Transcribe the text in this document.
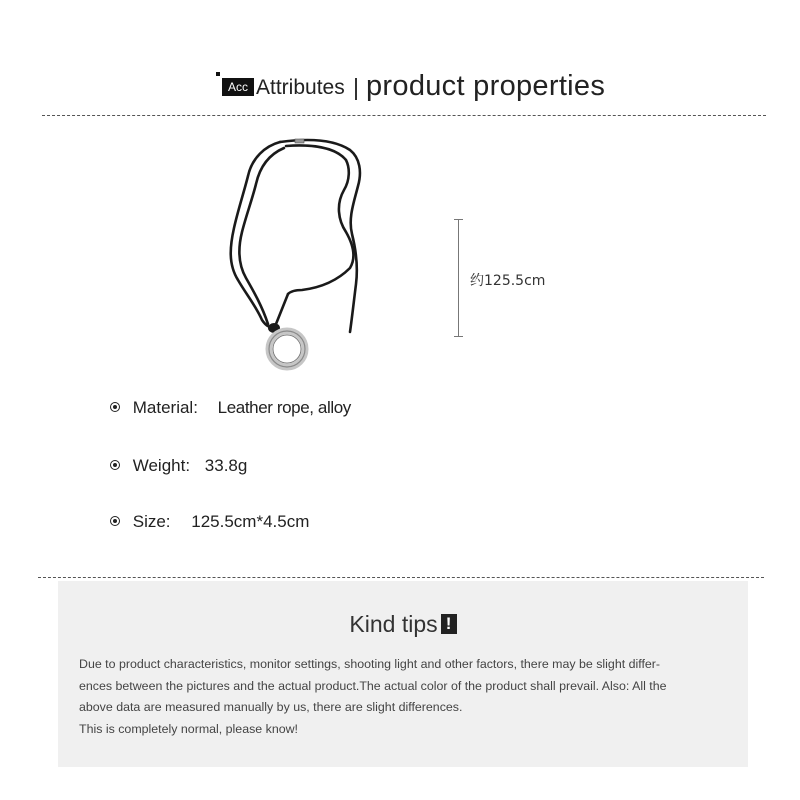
Acc Attributes product properties
约125.5cm
Material: Leather rope, alloy
Weight: 33.8g
Size: 125.5cm*4.5cm
Kind tips !
Due to product characteristics, monitor settings, shooting light and other factors, there may be slight differ-
ences between the pictures and the actual product.The actual color of the product shall prevail. Also: All the
above data are measured manually by us, there are slight differences.
This is completely normal, please know!
